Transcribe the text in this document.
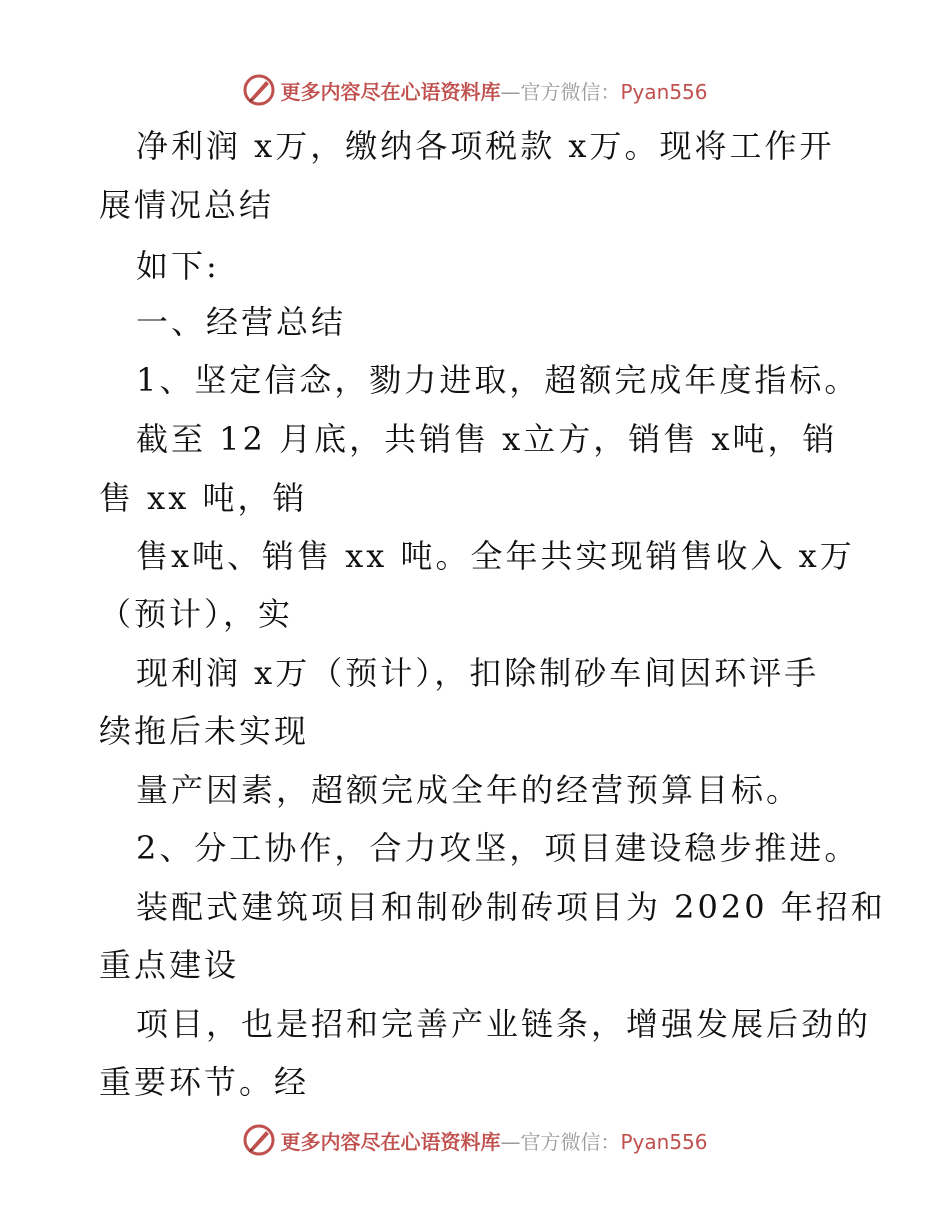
更多内容尽在心语资料库—官方微信：Pyan556
净利润 x万，缴纳各项税款 x万。现将工作开
展情况总结
如下:
一、经营总结
1、坚定信念，勠力进取，超额完成年度指标。
截至 12 月底，共销售 x立方，销售 x吨，销
售 xx 吨，销
售x吨、销售 xx 吨。全年共实现销售收入 x万
（预计），实
现利润 x万（预计），扣除制砂车间因环评手
续拖后未实现
量产因素，超额完成全年的经营预算目标。
2、分工协作，合力攻坚，项目建设稳步推进。
装配式建筑项目和制砂制砖项目为 2020 年招和
重点建设
项目，也是招和完善产业链条，增强发展后劲的
重要环节。经
更多内容尽在心语资料库—官方微信：Pyan556
